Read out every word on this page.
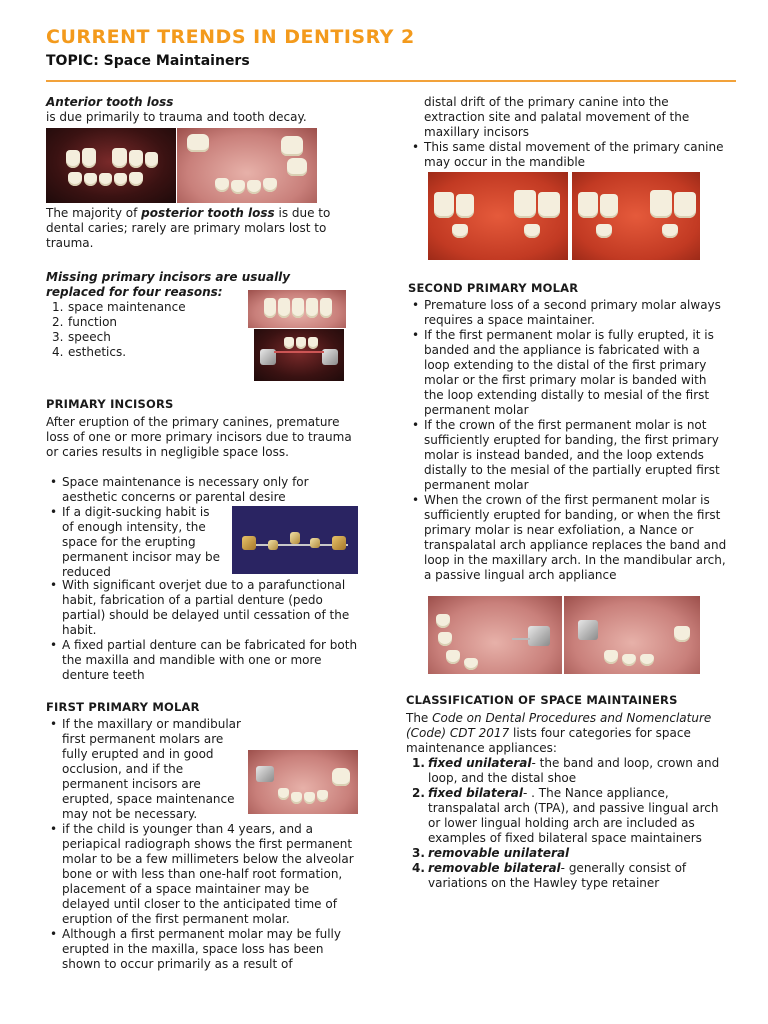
CURRENT TRENDS IN DENTISRY 2
TOPIC: Space Maintainers

Anterior tooth loss

is due primarily to trauma and tooth decay.

The majority of posterior tooth loss is due to dental caries; rarely are primary molars lost to trauma.

Missing primary incisors are usually replaced for four reasons:

1. space maintenance
2. function
3. speech
4. esthetics.

PRIMARY INCISORS

After eruption of the primary canines, premature loss of one or more primary incisors due to trauma or caries results in negligible space loss.

• Space maintenance is necessary only for aesthetic concerns or parental desire
• If a digit-sucking habit is of enough intensity, the space for the erupting permanent incisor may be reduced
• With significant overjet due to a parafunctional habit, fabrication of a partial denture (pedo partial) should be delayed until cessation of the habit.
• A fixed partial denture can be fabricated for both the maxilla and mandible with one or more denture teeth

FIRST PRIMARY MOLAR

• If the maxillary or mandibular first permanent molars are fully erupted and in good occlusion, and if the permanent incisors are erupted, space maintenance may not be necessary.
• if the child is younger than 4 years, and a periapical radiograph shows the first permanent molar to be a few millimeters below the alveolar bone or with less than one-half root formation, placement of a space maintainer may be delayed until closer to the anticipated time of eruption of the first permanent molar.
• Although a first permanent molar may be fully erupted in the maxilla, space loss has been shown to occur primarily as a result of

distal drift of the primary canine into the extraction site and palatal movement of the maxillary incisors

• This same distal movement of the primary canine may occur in the mandible

SECOND PRIMARY MOLAR

• Premature loss of a second primary molar always requires a space maintainer.
• If the first permanent molar is fully erupted, it is banded and the appliance is fabricated with a loop extending to the distal of the first primary molar or the first primary molar is banded with the loop extending distally to mesial of the first permanent molar
• If the crown of the first permanent molar is not sufficiently erupted for banding, the first primary molar is instead banded, and the loop extends distally to the mesial of the partially erupted first permanent molar
• When the crown of the first permanent molar is sufficiently erupted for banding, or when the first primary molar is near exfoliation, a Nance or transpalatal arch appliance replaces the band and loop in the maxillary arch. In the mandibular arch, a passive lingual arch appliance

CLASSIFICATION OF SPACE MAINTAINERS

The Code on Dental Procedures and Nomenclature (Code) CDT 2017 lists four categories for space maintenance appliances:

1. fixed unilateral- the band and loop, crown and loop, and the distal shoe
2. fixed bilateral- . The Nance appliance, transpalatal arch (TPA), and passive lingual arch or lower lingual holding arch are included as examples of fixed bilateral space maintainers
3. removable unilateral
4. removable bilateral- generally consist of variations on the Hawley type retainer
